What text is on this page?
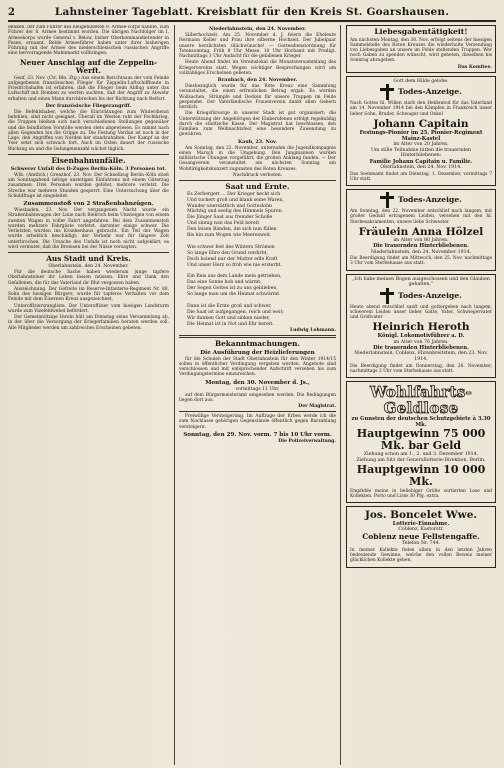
2	Lahnsteiner Tageblatt. Kreisblatt für den Kreis St. Goarshausen.

denken, der zum Führer des neugebildeten 9. Armee-corps nannte, zum Führer der 8. Armee bestimmt worden. Die übrigen Nachfolger im I. Armeekorps wurde General v. Below, bisher Oberkommandierender in Posen, ernannt. Belde Armeeführer haben unter ihrer bisherigen Führung mit der Armee des niederschlesischen russischen Angriffe eine hervorragende Mahnmarkt vollbringen.

Neuer Anschlag auf die Zeppelin-Werft.

Genf, 23. Nov. (Ctr. Bln. Ztg.) Aus einem Berichtsaus der vom Feinde aufgegebenen französischen Flieger für Zeppelin-Luftschiffbaute in Friedrichshafen ist erfahren, daß die Flieger beim Abflug unter das Luftschiff mit Bomben zu werfen suchten, daß der Angriff zu Abwehr erhalten und einen Mann durchbrechen bis der Richtung nach Belfort.

Der französische Fliegerangriff.

Die Befehlshaber, welche die Einrichtungen zum Winterdienst befehlen, sind nicht geeignet. Überall im Westen ruht der Fechtkrieg, die Truppen bleiben sich nach verschiedenen Stellungen gegenüber und die feindlichen Vorstöße werden stets abgewiesen. Es nimmt nach allen Gegenden hin die Grippe zu. Die Festung Verdun ist noch in der Lage, den Angriffen von Norden her standzuhalten. Der Kampf an der Yser setzt sich schwach fort. Auch im Osten dauert der russische Rückzug an und die Gefangenenzahl wächst täglich.

Eisenbahnunfälle.
Schwerer Unfall des D-Zuges Berlin-Köln. 3 Personen tot.

Wtb. (Amtlich.) Grenzhof, 23. Nov. Der Schnellzug Berlin–Köln stieß am Sonntagabend infolge unzeitigen Einfahrens mit einem Güterzug zusammen. Drei Personen wurden getötet, mehrere verletzt. Die Strecke war mehrere Stunden gesperrt. Eine Untersuchung über die Schuldfrage ist eingeleitet.

Zusammenstoß von 2 Straßenbahnzügen.

Wiesbaden, 23. Nov. Der vergangenen Nacht wurde ein Straßenbahnwagen der Linie nach Biebrich beim Umsteigen von einem zweiten Wagen in voller Fahrt angefahren. Bei dem Zusammenstoß wurden mehrere Fahrgäste verletzt, darunter einige schwer. Die Verletzten wurden ins Krankenhaus gebracht. Ein Teil der Wagen wurde erheblich beschädigt; der Verkehr war für längere Zeit unterbrochen. Die Ursache des Unfalls ist noch nicht aufgeklärt; es wird vermutet, daß die Bremsen bei der Nässe versagten.

Aus Stadt und Kreis.
Oberlahnstein, den 24. November.

Für die deutsche Sache haben wiederum junge tapfere Oberlahnsteiner ihr Leben lassen müssen. Ehre und Dank den Gefallenen, die für das Vaterland ihr Blut vergossen haben.

Auszeichnung. Der Gefreite im Reserve-Infanterie-Regiment Nr. 80, Sohn des hiesigen Bürgers, wurde für tapferes Verhalten vor dem Feinde mit dem Eisernen Kreuz ausgezeichnet.

Unteroffiziersrangliste. Der Unteroffizier vom hiesigen Landsturm wurde zum Vizefeldwebel befördert.

Der Gemeinnützige Verein hält am Dienstag seine Versammlung ab, in der über die Versorgung der Kriegerfamilien beraten werden soll. Alle Mitglieder werden um zahlreiches Erscheinen gebeten.

Niederlahnstein, den 24. November.

Silberhochzeit. Am 25. November d. J. feiern die Eheleute Hermann Keller und Frau ihre silberne Hochzeit. Der Jubelpaar unsere herzlichsten Glückwünsche! — Gottesdienstordnung für Totensonntag. Früh 8 Uhr Messe, 10 Uhr Hochamt mit Predigt. Nachmittags 3 Uhr Andacht für die gefallenen Krieger.

Heute Abend findet im Vereinslokal die Monatsversammlung des Kriegervereins statt. Wegen wichtiger Besprechungen wird um vollzähliges Erscheinen gebeten.

Braubach, den 24. November.

Diesbezüglich wurde für das Rote Kreuz eine Sammlung veranstaltet, die einen erfreulichen Betrag ergab. Es wurden Wollsachen, Strümpfe und Decken für unsere Truppen im Felde gespendet. Der Vaterländische Frauenverein dankt allen Gebern herzlich.

Die Kriegsfürsorge in unserer Stadt ist gut organisiert; die Unterstützung der Angehörigen der Einberufenen erfolgt regelmäßig durch die städtische Kasse. Der Magistrat hat beschlossen, den Familien zum Weihnachtsfest eine besondere Zuwendung zu gewähren.

Kaub, 23. Nov.

Am Sonntag, den 22. November, unternahm die Jugendkompagnie einen Marsch in die Umgebung. Den Jungmannen wurden militärische Übungen vorgeführt, die großen Anklang fanden. — Der Gesangverein veranstaltet am nächsten Sonntag ein Wohltätigkeitskonzert zugunsten des Roten Kreuzes.

Nachdruck verboten.
Saat und Ernte.
Es Zerbergert ... Der Krieger heckt sich
Und tuckert groß und blank seine Waren,
Wunder unersättlich und Gotteslohn
Mächtig und seelig des Himmels Spuren.
Die Jünger Saat aus fremder Scholle
Und sinnig nun das Feld bereit
Den leisen Bänden, die sich nun füllen
Bis hin zum Wogen wie Meeresweit.

Wie schwer fest des Winters Strömen
So lange Ehre den Grund verdirbt,
Doch holend nur der Mutter edle Kraft
Und unser Herz so froh wie nie ersterbt.

Ein Reis aus dem Lande mein getrieben,
Das eine Sonne hob und wärmt;
Der Segen Gottes ist zu uns geblieben,
So lange man um die Heimat schwärmt.

Dann ist die Ernte groß und schwer,
Die Saat ist aufgegangen, reich und weit;
Wir danken Gott und sinken nieder,
Die Heimat ist in Not und Ehr bereit.
Ludwig Lohmann.
Bekanntmachungen.
Die Ausführung der Heizlieferungen

für die Schulen der Stadt Oberlahnstein für den Winter 1914/15 sollen in öffentlicher Verdingung vergeben werden. Angebote sind verschlossen und mit entsprechender Aufschrift versehen bis zum Verdingungstermine einzureichen.

Montag, den 30. November d. Js.,
vormittags 11 Uhr,

auf dem Bürgermeisteramt eingesehen werden. Die Bedingungen liegen dort aus.

Der Magistrat.

Freiwillige Versteigerung. Im Auftrage der Erben werde ich die zum Nachlasse gehörigen Gegenstände öffentlich gegen Barzahlung versteigern.

Sonntag, den 29. Nov. vorm. 7 bis 10 Uhr vorm.
Die Polizeiverwaltung.
Liebesgabentätigkeit!

Am nächsten Montag, den 30. Nov. erfolgt seitens der hiesigen Sammelstelle des Roten Kreuzes die wiederholte Versendung von Liebesgaben an unsere im Felde stehenden Truppen. Wer noch Gaben zu spenden wünscht, wird gebeten, dieselben bis Sonntag abzugeben.

Das Komitee.
Gott dem Hilde gelobe.
Todes-Anzeige.

Nach Gottes hl. Willen starb den Heldentod für das Vaterland am 14. November 1914 bei den Kämpfen in Frankreich unser lieber Sohn, Bruder, Schwager und Onkel

Johann Capitain
Festungs-Pionier im 25. Pionier-Regiment Mainz-Kastel
im Alter von 20 Jahren.
Um stille Teilnahme bitten die trauernden Hinterbliebenen:
Familie Johann Capitain u. Familie.
Oberlahnstein, den 24. Nov. 1914.

Das Seelenamt findet am Dienstag, 1. Dezember, vormittags 7 Uhr statt.

Todes-Anzeige.

Am Sonntag, den 22. November entschlief nach langem, mit großer Geduld ertragenem Leiden, versehen mit den hl. Sterbesakramenten, unsere liebe Schwester

Fräulein Anna Hölzel
im Alter von 80 Jahren.
Die trauernden Hinterbliebenen.
Niederlahnstein, den 24. November 1914.

Die Beerdigung findet am Mittwoch, den 25. Nov. nachmittags 3 Uhr vom Sterbehause aus statt.

„Ich habe meinen Bogen ausgeschossen und den Glauben gehalten.“
Todes-Anzeige.

Heute abend entschlief sanft und gottergeben nach langem, schwerem Leiden unser lieber Gatte, Vater, Schwiegervater und Großvater

Heinrich Heroth
Königl. Lokomotivführer a. D.
im Alter von 76 Jahren.
Die trauernden Hinterbliebenen.
Niederlahnstein, Coblenz, Ehrenbreitstein, den 23. Nov. 1914.

Die Beerdigung findet am Donnerstag, den 26. November, nachmittags 3 Uhr vom Sterbehause aus statt.

Wohlfahrts-Geldlose
zu Gunsten der deutschen Schutzgebiete à 3.30 Mk.
Hauptgewinn 75 000 Mk. bar Geld
Ziehung schon am 1., 2. und 3. Dezember 1914.
Ziehung am Sitz der Generallotterie-Direktion, Berlin.
Hauptgewinn 10 000 Mk.

Empfehle meine in beliebiger Größe sortierten Lose und Kollekten. Porto und Liste 30 Pfg. extra.

Jos. Boncelet Wwe.
Lotterie-Einnahme.
Coblenz, Kastorstr.
Coblenz neue Fellstengaffe.
Telefon Nr. 744.

In meiner Kollekte fielen allein in den letzten Jahren bedeutende Gewinne, welche den vollen Beweis meiner glücklichen Kollekte geben.
